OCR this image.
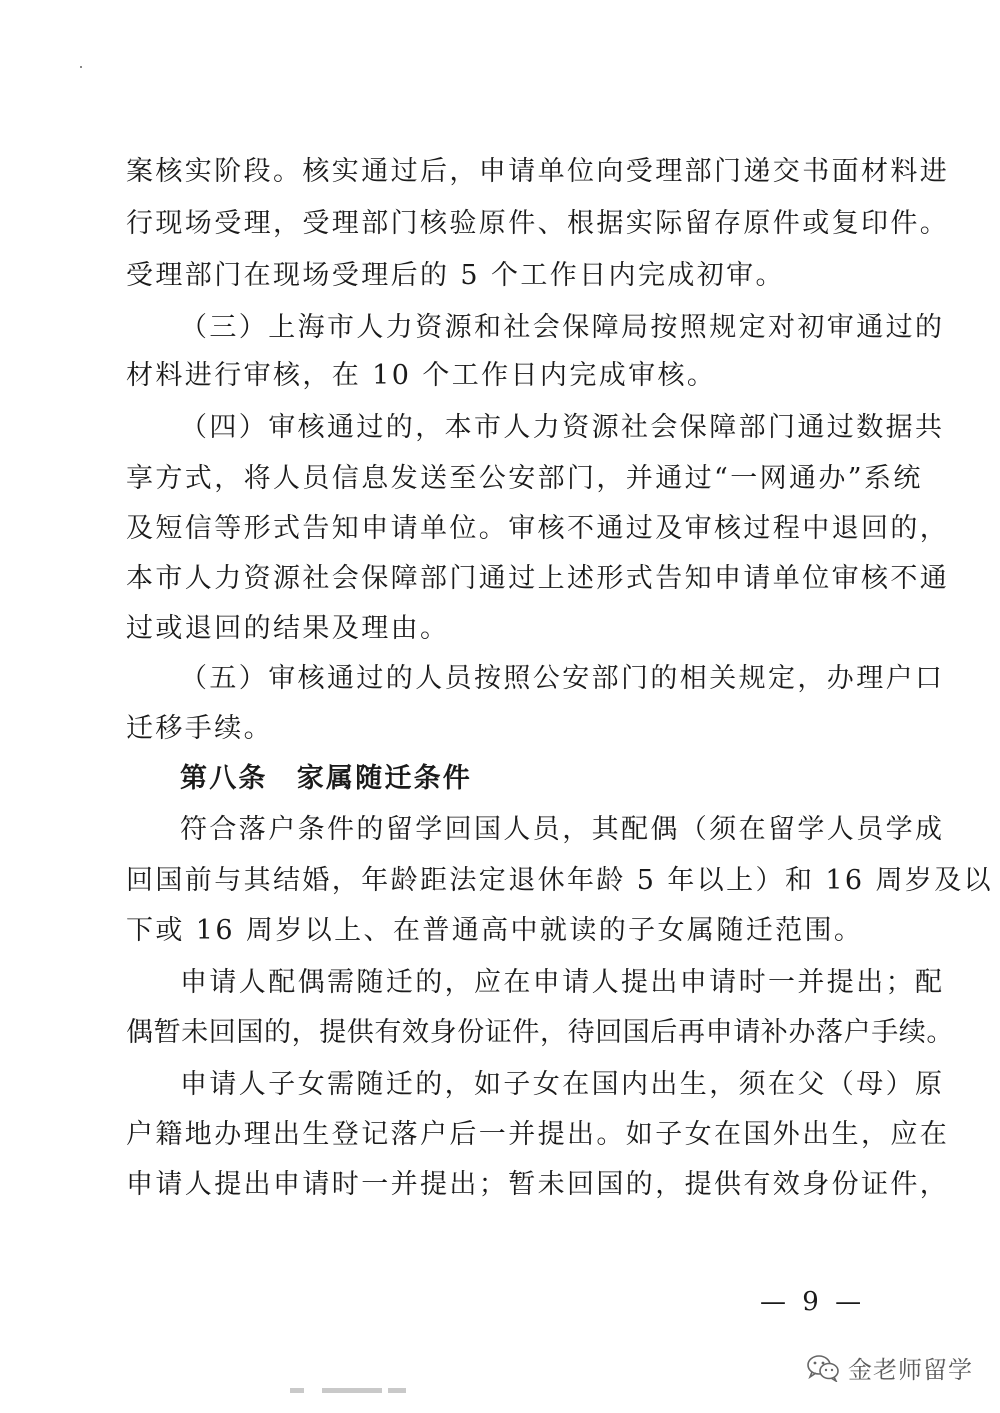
案核实阶段。核实通过后，申请单位向受理部门递交书面材料进
行现场受理，受理部门核验原件、根据实际留存原件或复印件。
受理部门在现场受理后的 5 个工作日内完成初审。
（三）上海市人力资源和社会保障局按照规定对初审通过的
材料进行审核，在 10 个工作日内完成审核。
（四）审核通过的，本市人力资源社会保障部门通过数据共
享方式，将人员信息发送至公安部门，并通过“一网通办”系统
及短信等形式告知申请单位。审核不通过及审核过程中退回的，
本市人力资源社会保障部门通过上述形式告知申请单位审核不通
过或退回的结果及理由。
（五）审核通过的人员按照公安部门的相关规定，办理户口
迁移手续。
第八条　家属随迁条件
符合落户条件的留学回国人员，其配偶（须在留学人员学成
回国前与其结婚，年龄距法定退休年龄 5 年以上）和 16 周岁及以
下或 16 周岁以上、在普通高中就读的子女属随迁范围。
申请人配偶需随迁的，应在申请人提出申请时一并提出；配
偶暂未回国的，提供有效身份证件，待回国后再申请补办落户手续。
申请人子女需随迁的，如子女在国内出生，须在父（母）原
户籍地办理出生登记落户后一并提出。如子女在国外出生，应在
申请人提出申请时一并提出；暂未回国的，提供有效身份证件，
— 9 —
金老师留学
